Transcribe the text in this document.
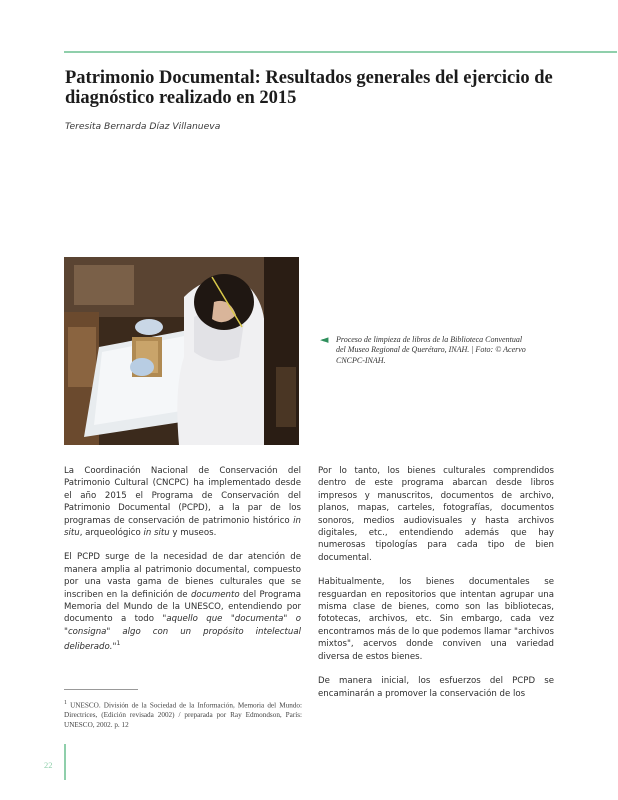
Patrimonio Documental: Resultados generales del ejercicio de diagnóstico realizado en 2015
Teresita Bernarda Díaz Villanueva
◄ Proceso de limpieza de libros de la Biblioteca Conventual del Museo Regional de Querétaro, INAH. | Foto: © Acervo CNCPC-INAH.

La Coordinación Nacional de Conservación del Patrimonio Cultural (CNCPC) ha implementado desde el año 2015 el Programa de Conservación del Patrimonio Documental (PCPD), a la par de los programas de conservación de patrimonio histórico in situ, arqueológico in situ y museos.

El PCPD surge de la necesidad de dar atención de manera amplia al patrimonio documental, compuesto por una vasta gama de bienes culturales que se inscriben en la definición de documento del Programa Memoria del Mundo de la UNESCO, entendiendo por documento a todo "aquello que "documenta" o "consigna" algo con un propósito intelectual deliberado."$^1$

Por lo tanto, los bienes culturales comprendidos dentro de este programa abarcan desde libros impresos y manuscritos, documentos de archivo, planos, mapas, carteles, fotografías, documentos sonoros, medios audiovisuales y hasta archivos digitales, etc., entendiendo además que hay numerosas tipologías para cada tipo de bien documental.

Habitualmente, los bienes documentales se resguardan en repositorios que intentan agrupar una misma clase de bienes, como son las bibliotecas, fototecas, archivos, etc. Sin embargo, cada vez encontramos más de lo que podemos llamar "archivos mixtos", acervos donde conviven una variedad diversa de estos bienes.

De manera inicial, los esfuerzos del PCPD se encaminarán a promover la conservación de los

$^1$ UNESCO. División de la Sociedad de la Información, Memoria del Mundo: Directrices, (Edición revisada 2002) / preparada por Ray Edmondson, París: UNESCO, 2002. p. 12

22
